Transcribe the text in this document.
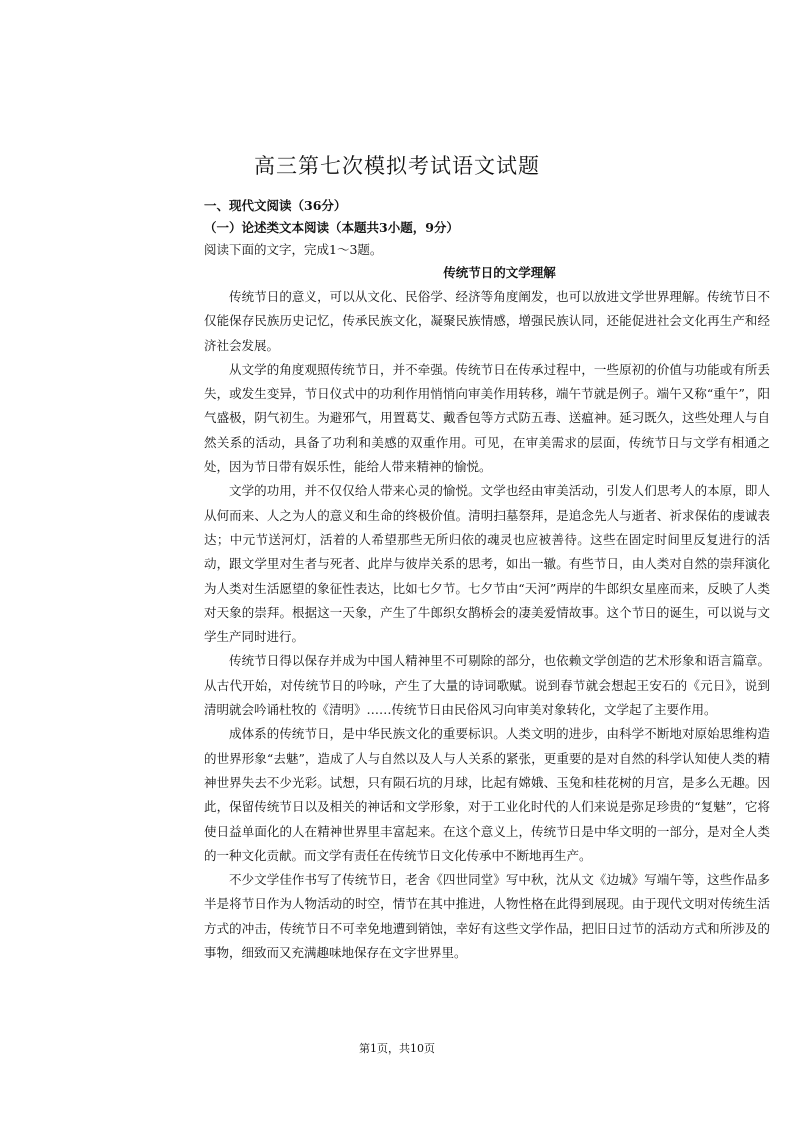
高三第七次模拟考试语文试题
一、现代文阅读（36分）
（一）论述类文本阅读（本题共3小题，9分）
阅读下面的文字，完成1～3题。
传统节日的文学理解

传统节日的意义，可以从文化、民俗学、经济等角度阐发，也可以放进文学世界理解。传统节日不仅能保存民族历史记忆，传承民族文化，凝聚民族情感，增强民族认同，还能促进社会文化再生产和经济社会发展。

从文学的角度观照传统节日，并不牵强。传统节日在传承过程中，一些原初的价值与功能或有所丢失，或发生变异，节日仪式中的功利作用悄悄向审美作用转移，端午节就是例子。端午又称“重午”，阳气盛极，阴气初生。为避邪气，用置葛艾、戴香包等方式防五毒、送瘟神。延习既久，这些处理人与自然关系的活动，具备了功利和美感的双重作用。可见，在审美需求的层面，传统节日与文学有相通之处，因为节日带有娱乐性，能给人带来精神的愉悦。

文学的功用，并不仅仅给人带来心灵的愉悦。文学也经由审美活动，引发人们思考人的本原，即人从何而来、人之为人的意义和生命的终极价值。清明扫墓祭拜，是追念先人与逝者、祈求保佑的虔诚表达；中元节送河灯，活着的人希望那些无所归依的魂灵也应被善待。这些在固定时间里反复进行的活动，跟文学里对生者与死者、此岸与彼岸关系的思考，如出一辙。有些节日，由人类对自然的崇拜演化为人类对生活愿望的象征性表达，比如七夕节。七夕节由“天河”两岸的牛郎织女星座而来，反映了人类对天象的崇拜。根据这一天象，产生了牛郎织女鹊桥会的凄美爱情故事。这个节日的诞生，可以说与文学生产同时进行。

传统节日得以保存并成为中国人精神里不可剔除的部分，也依赖文学创造的艺术形象和语言篇章。从古代开始，对传统节日的吟咏，产生了大量的诗词歌赋。说到春节就会想起王安石的《元日》，说到清明就会吟诵杜牧的《清明》……传统节日由民俗风习向审美对象转化，文学起了主要作用。

成体系的传统节日，是中华民族文化的重要标识。人类文明的进步，由科学不断地对原始思维构造的世界形象“去魅”，造成了人与自然以及人与人关系的紧张，更重要的是对自然的科学认知使人类的精神世界失去不少光彩。试想，只有陨石坑的月球，比起有嫦娥、玉兔和桂花树的月宫，是多么无趣。因此，保留传统节日以及相关的神话和文学形象，对于工业化时代的人们来说是弥足珍贵的“复魅”，它将使日益单面化的人在精神世界里丰富起来。在这个意义上，传统节日是中华文明的一部分，是对全人类的一种文化贡献。而文学有责任在传统节日文化传承中不断地再生产。

不少文学佳作书写了传统节日，老舍《四世同堂》写中秋，沈从文《边城》写端午等，这些作品多半是将节日作为人物活动的时空，情节在其中推进，人物性格在此得到展现。由于现代文明对传统生活方式的冲击，传统节日不可幸免地遭到销蚀，幸好有这些文学作品，把旧日过节的活动方式和所涉及的事物，细致而又充满趣味地保存在文字世界里。

第1页，共10页
